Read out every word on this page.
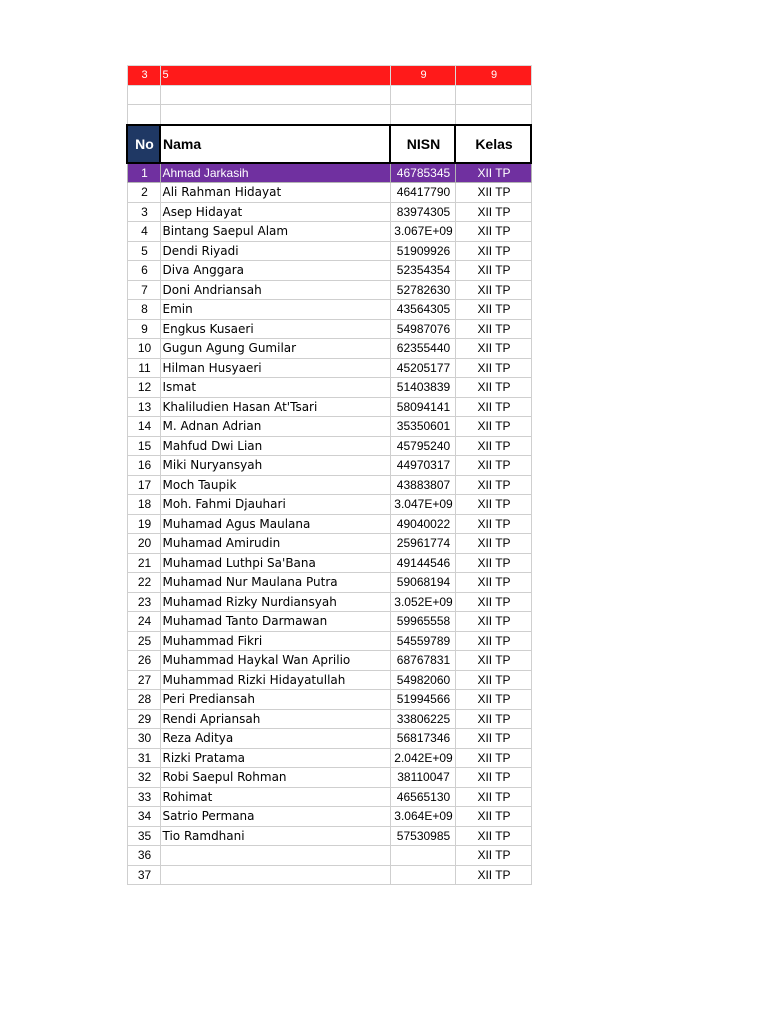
3	5	9	9

No	Nama	NISN	Kelas
1	Ahmad Jarkasih	46785345	XII TP
2	Ali Rahman Hidayat	46417790	XII TP
3	Asep Hidayat	83974305	XII TP
4	Bintang Saepul Alam	3.067E+09	XII TP
5	Dendi Riyadi	51909926	XII TP
6	Diva Anggara	52354354	XII TP
7	Doni Andriansah	52782630	XII TP
8	Emin	43564305	XII TP
9	Engkus Kusaeri	54987076	XII TP
10	Gugun Agung Gumilar	62355440	XII TP
11	Hilman Husyaeri	45205177	XII TP
12	Ismat	51403839	XII TP
13	Khaliludien Hasan At'Tsari	58094141	XII TP
14	M. Adnan Adrian	35350601	XII TP
15	Mahfud Dwi Lian	45795240	XII TP
16	Miki Nuryansyah	44970317	XII TP
17	Moch Taupik	43883807	XII TP
18	Moh. Fahmi Djauhari	3.047E+09	XII TP
19	Muhamad Agus Maulana	49040022	XII TP
20	Muhamad Amirudin	25961774	XII TP
21	Muhamad Luthpi Sa'Bana	49144546	XII TP
22	Muhamad Nur Maulana Putra	59068194	XII TP
23	Muhamad Rizky Nurdiansyah	3.052E+09	XII TP
24	Muhamad Tanto Darmawan	59965558	XII TP
25	Muhammad Fikri	54559789	XII TP
26	Muhammad Haykal Wan Aprilio	68767831	XII TP
27	Muhammad Rizki Hidayatullah	54982060	XII TP
28	Peri Prediansah	51994566	XII TP
29	Rendi Apriansah	33806225	XII TP
30	Reza Aditya	56817346	XII TP
31	Rizki Pratama	2.042E+09	XII TP
32	Robi Saepul Rohman	38110047	XII TP
33	Rohimat	46565130	XII TP
34	Satrio Permana	3.064E+09	XII TP
35	Tio Ramdhani	57530985	XII TP
36			XII TP
37			XII TP
